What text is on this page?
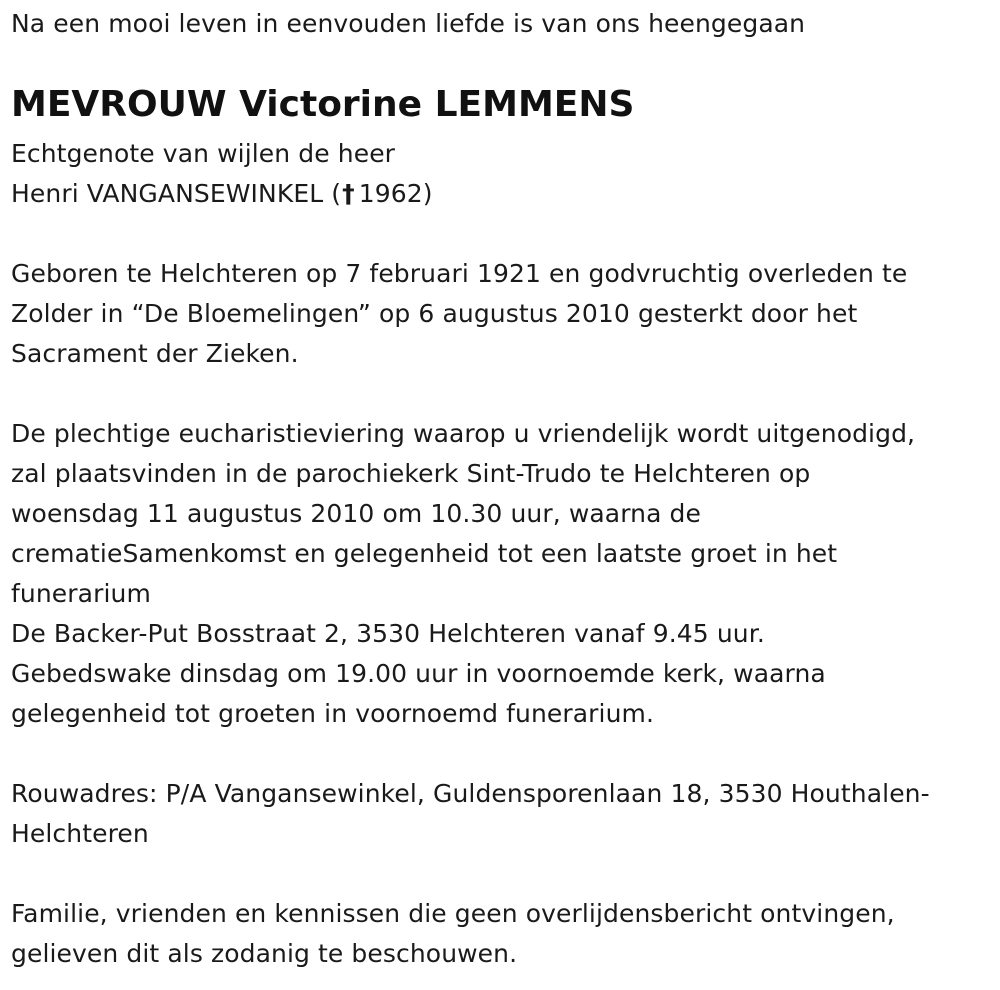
Na een mooi leven in eenvouden liefde is van ons heengegaan
MEVROUW Victorine LEMMENS
Echtgenote van wijlen de heer
Henri VANGANSEWINKEL († 1962)
Geboren te Helchteren op 7 februari 1921 en godvruchtig overleden te
Zolder in “De Bloemelingen” op 6 augustus 2010 gesterkt door het
Sacrament der Zieken.
De plechtige eucharistieviering waarop u vriendelijk wordt uitgenodigd,
zal plaatsvinden in de parochiekerk Sint-Trudo te Helchteren op
woensdag 11 augustus 2010 om 10.30 uur, waarna de
crematieSamenkomst en gelegenheid tot een laatste groet in het
funerarium
De Backer-Put Bosstraat 2, 3530 Helchteren vanaf 9.45 uur.
Gebedswake dinsdag om 19.00 uur in voornoemde kerk, waarna
gelegenheid tot groeten in voornoemd funerarium.
Rouwadres: P/A Vangansewinkel, Guldensporenlaan 18, 3530 Houthalen-
Helchteren
Familie, vrienden en kennissen die geen overlijdensbericht ontvingen,
gelieven dit als zodanig te beschouwen.
